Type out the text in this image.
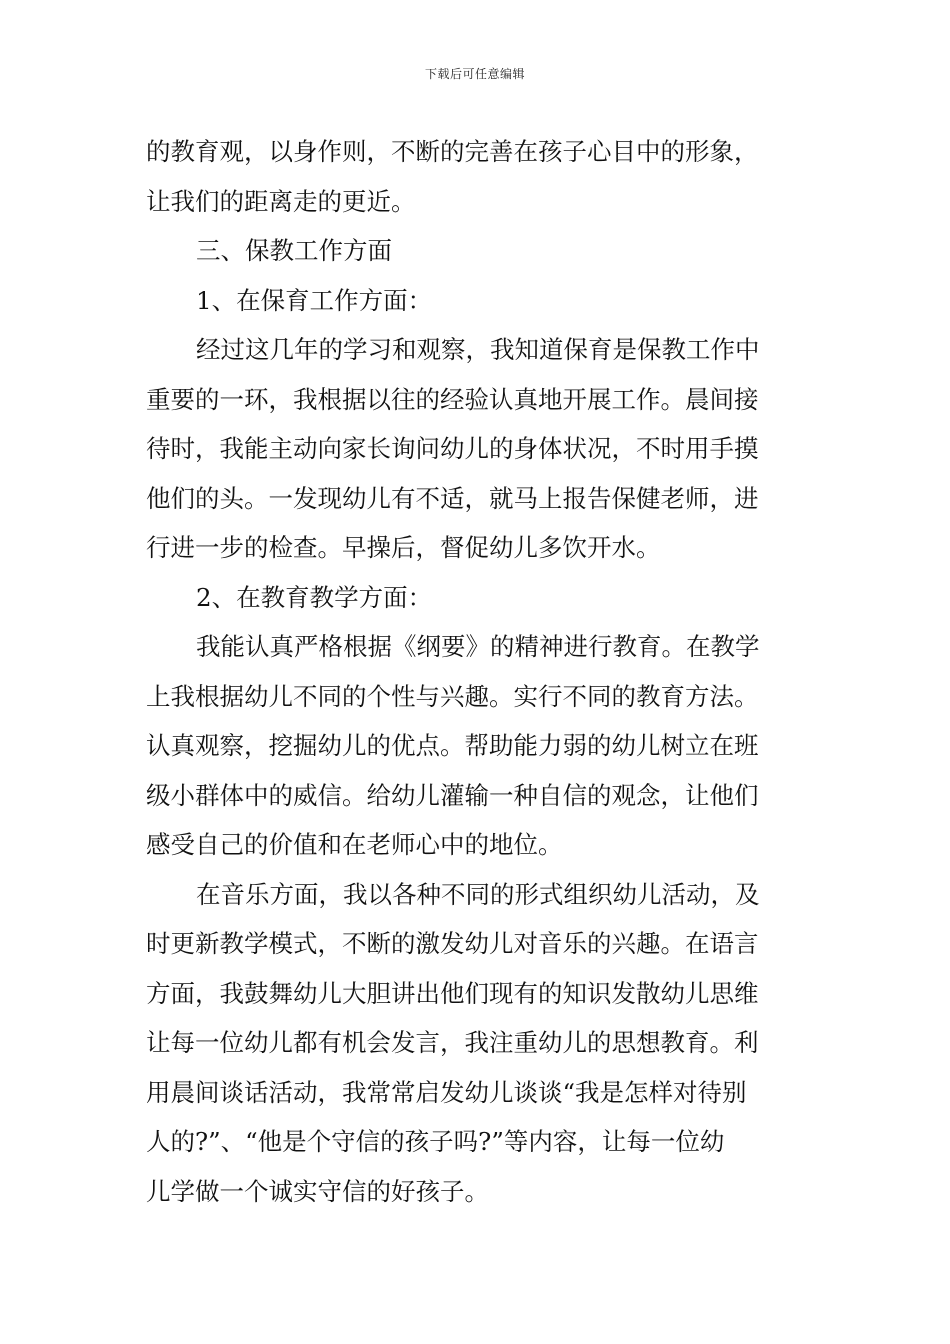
下载后可任意编辑
的教育观，以身作则，不断的完善在孩子心目中的形象，
让我们的距离走的更近。
三、保教工作方面
1、在保育工作方面：
经过这几年的学习和观察，我知道保育是保教工作中
重要的一环，我根据以往的经验认真地开展工作。晨间接
待时，我能主动向家长询问幼儿的身体状况，不时用手摸
他们的头。一发现幼儿有不适，就马上报告保健老师，进
行进一步的检查。早操后，督促幼儿多饮开水。
2、在教育教学方面：
我能认真严格根据《纲要》的精神进行教育。在教学
上我根据幼儿不同的个性与兴趣。实行不同的教育方法。
认真观察，挖掘幼儿的优点。帮助能力弱的幼儿树立在班
级小群体中的威信。给幼儿灌输一种自信的观念，让他们
感受自己的价值和在老师心中的地位。
在音乐方面，我以各种不同的形式组织幼儿活动，及
时更新教学模式，不断的激发幼儿对音乐的兴趣。在语言
方面，我鼓舞幼儿大胆讲出他们现有的知识发散幼儿思维
让每一位幼儿都有机会发言，我注重幼儿的思想教育。利
用晨间谈话活动，我常常启发幼儿谈谈“我是怎样对待别
人的?”、“他是个守信的孩子吗?”等内容，让每一位幼
儿学做一个诚实守信的好孩子。
